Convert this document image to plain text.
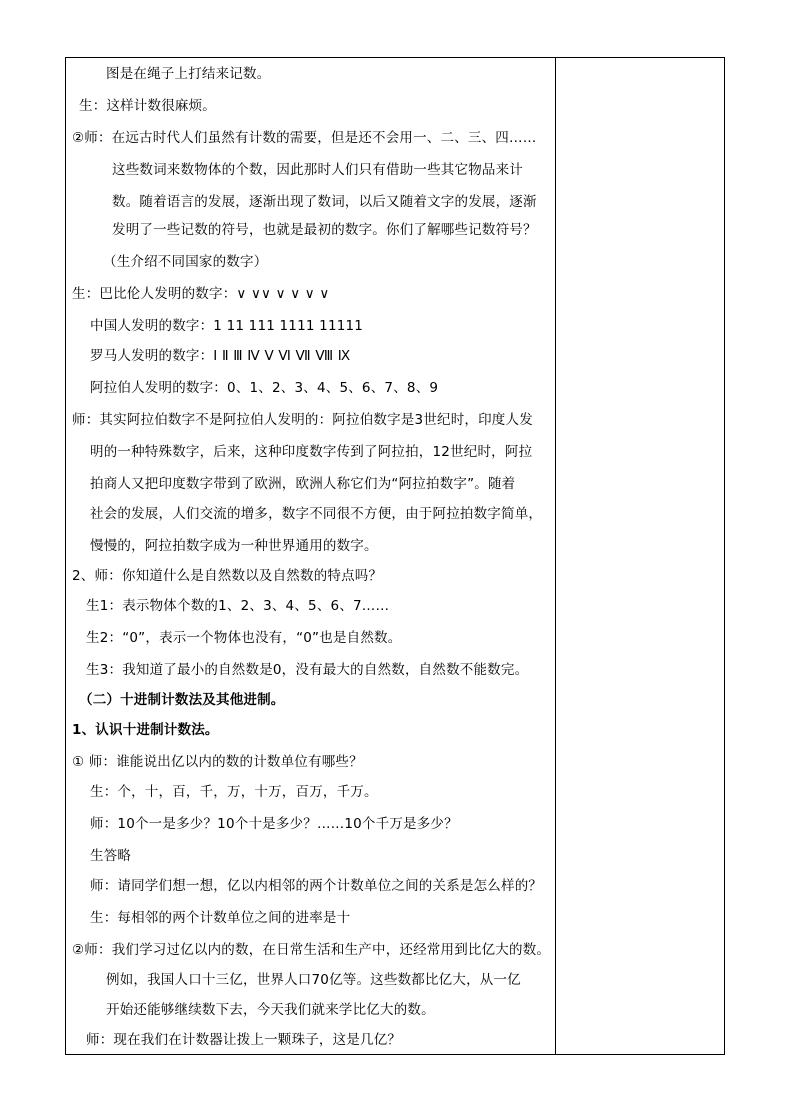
图是在绳子上打结来记数。
生：这样计数很麻烦。
②师：在远古时代人们虽然有计数的需要，但是还不会用一、二、三、四……
这些数词来数物体的个数，因此那时人们只有借助一些其它物品来计
数。随着语言的发展，逐渐出现了数词，以后又随着文字的发展，逐渐
发明了一些记数的符号，也就是最初的数字。你们了解哪些记数符号？
（生介绍不同国家的数字）
生：巴比伦人发明的数字：∨ ∨∨ ∨ ∨ ∨ ∨
中国人发明的数字：1 11 111 1111 11111
罗马人发明的数字：Ⅰ Ⅱ Ⅲ Ⅳ Ⅴ Ⅵ Ⅶ Ⅷ Ⅸ
阿拉伯人发明的数字：0、1、2、3、4、5、6、7、8、9
师：其实阿拉伯数字不是阿拉伯人发明的：阿拉伯数字是3世纪时，印度人发
明的一种特殊数字，后来，这种印度数字传到了阿拉拍，12世纪时，阿拉
拍商人又把印度数字带到了欧洲，欧洲人称它们为“阿拉拍数字”。随着
社会的发展，人们交流的增多，数字不同很不方便，由于阿拉拍数字简单，
慢慢的，阿拉拍数字成为一种世界通用的数字。
2、师：你知道什么是自然数以及自然数的特点吗？
生1：表示物体个数的1、2、3、4、5、6、7……
生2：“0”，表示一个物体也没有，“0”也是自然数。
生3：我知道了最小的自然数是0，没有最大的自然数，自然数不能数完。
（二）十进制计数法及其他进制。
1、认识十进制计数法。
① 师：谁能说出亿以内的数的计数单位有哪些？
生：个，十，百，千，万，十万，百万，千万。
师：10个一是多少？10个十是多少？……10个千万是多少？
生答略
师：请同学们想一想，亿以内相邻的两个计数单位之间的关系是怎么样的？
生：每相邻的两个计数单位之间的进率是十
②师：我们学习过亿以内的数，在日常生活和生产中，还经常用到比亿大的数。
例如，我国人口十三亿，世界人口70亿等。这些数都比亿大，从一亿
开始还能够继续数下去，今天我们就来学比亿大的数。
师：现在我们在计数器让拨上一颗珠子，这是几亿？
